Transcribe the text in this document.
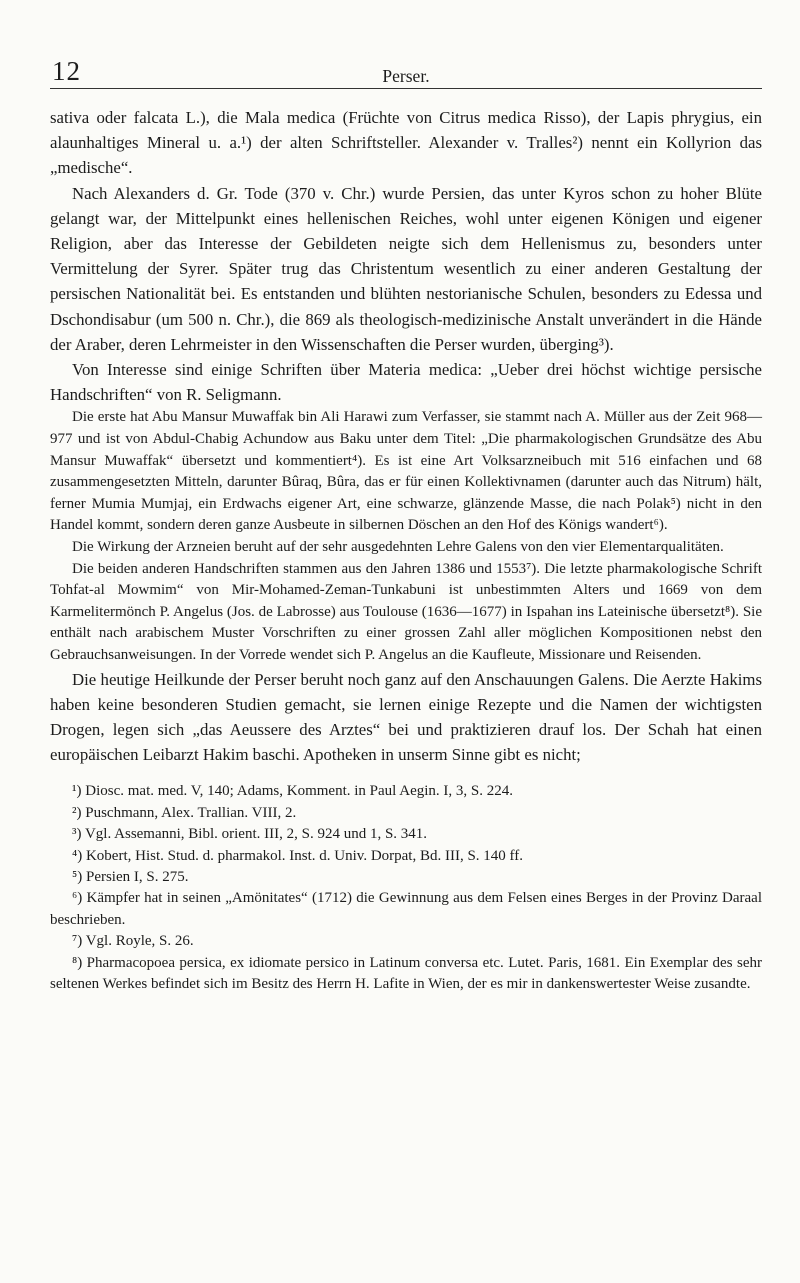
12	Perser.

sativa oder falcata L.), die Mala medica (Früchte von Citrus medica Risso), der Lapis phrygius, ein alaunhaltiges Mineral u. a.¹) der alten Schriftsteller. Alexander v. Tralles²) nennt ein Kollyrion das „medische“.

Nach Alexanders d. Gr. Tode (370 v. Chr.) wurde Persien, das unter Kyros schon zu hoher Blüte gelangt war, der Mittelpunkt eines hellenischen Reiches, wohl unter eigenen Königen und eigener Religion, aber das Interesse der Gebildeten neigte sich dem Hellenismus zu, besonders unter Vermittelung der Syrer. Später trug das Christentum wesentlich zu einer anderen Gestaltung der persischen Nationalität bei. Es entstanden und blühten nestorianische Schulen, besonders zu Edessa und Dschondisabur (um 500 n. Chr.), die 869 als theologisch-medizinische Anstalt unverändert in die Hände der Araber, deren Lehrmeister in den Wissenschaften die Perser wurden, überging³).

Von Interesse sind einige Schriften über Materia medica: „Ueber drei höchst wichtige persische Handschriften“ von R. Seligmann.

Die erste hat Abu Mansur Muwaffak bin Ali Harawi zum Verfasser, sie stammt nach A. Müller aus der Zeit 968—977 und ist von Abdul-Chabig Achundow aus Baku unter dem Titel: „Die pharmakologischen Grundsätze des Abu Mansur Muwaffak“ übersetzt und kommentiert⁴). Es ist eine Art Volksarzneibuch mit 516 einfachen und 68 zusammengesetzten Mitteln, darunter Bûraq, Bûra, das er für einen Kollektivnamen (darunter auch das Nitrum) hält, ferner Mumia Mumjaj, ein Erdwachs eigener Art, eine schwarze, glänzende Masse, die nach Polak⁵) nicht in den Handel kommt, sondern deren ganze Ausbeute in silbernen Döschen an den Hof des Königs wandert⁶).

Die Wirkung der Arzneien beruht auf der sehr ausgedehnten Lehre Galens von den vier Elementarqualitäten.

Die beiden anderen Handschriften stammen aus den Jahren 1386 und 1553⁷). Die letzte pharmakologische Schrift Tohfat-al Mowmim“ von Mir-Mohamed-Zeman-Tunkabuni ist unbestimmten Alters und 1669 von dem Karmelitermönch P. Angelus (Jos. de Labrosse) aus Toulouse (1636—1677) in Ispahan ins Lateinische übersetzt⁸). Sie enthält nach arabischem Muster Vorschriften zu einer grossen Zahl aller möglichen Kompositionen nebst den Gebrauchsanweisungen. In der Vorrede wendet sich P. Angelus an die Kaufleute, Missionare und Reisenden.

Die heutige Heilkunde der Perser beruht noch ganz auf den Anschauungen Galens. Die Aerzte Hakims haben keine besonderen Studien gemacht, sie lernen einige Rezepte und die Namen der wichtigsten Drogen, legen sich „das Aeussere des Arztes“ bei und praktizieren drauf los. Der Schah hat einen europäischen Leibarzt Hakim baschi. Apotheken in unserm Sinne gibt es nicht;

¹) Diosc. mat. med. V, 140; Adams, Komment. in Paul Aegin. I, 3, S. 224.

²) Puschmann, Alex. Trallian. VIII, 2.

³) Vgl. Assemanni, Bibl. orient. III, 2, S. 924 und 1, S. 341.

⁴) Kobert, Hist. Stud. d. pharmakol. Inst. d. Univ. Dorpat, Bd. III, S. 140 ff.

⁵) Persien I, S. 275.

⁶) Kämpfer hat in seinen „Amönitates“ (1712) die Gewinnung aus dem Felsen eines Berges in der Provinz Daraal beschrieben.

⁷) Vgl. Royle, S. 26.

⁸) Pharmacopoea persica, ex idiomate persico in Latinum conversa etc. Lutet. Paris, 1681. Ein Exemplar des sehr seltenen Werkes befindet sich im Besitz des Herrn H. Lafite in Wien, der es mir in dankenswertester Weise zusandte.
